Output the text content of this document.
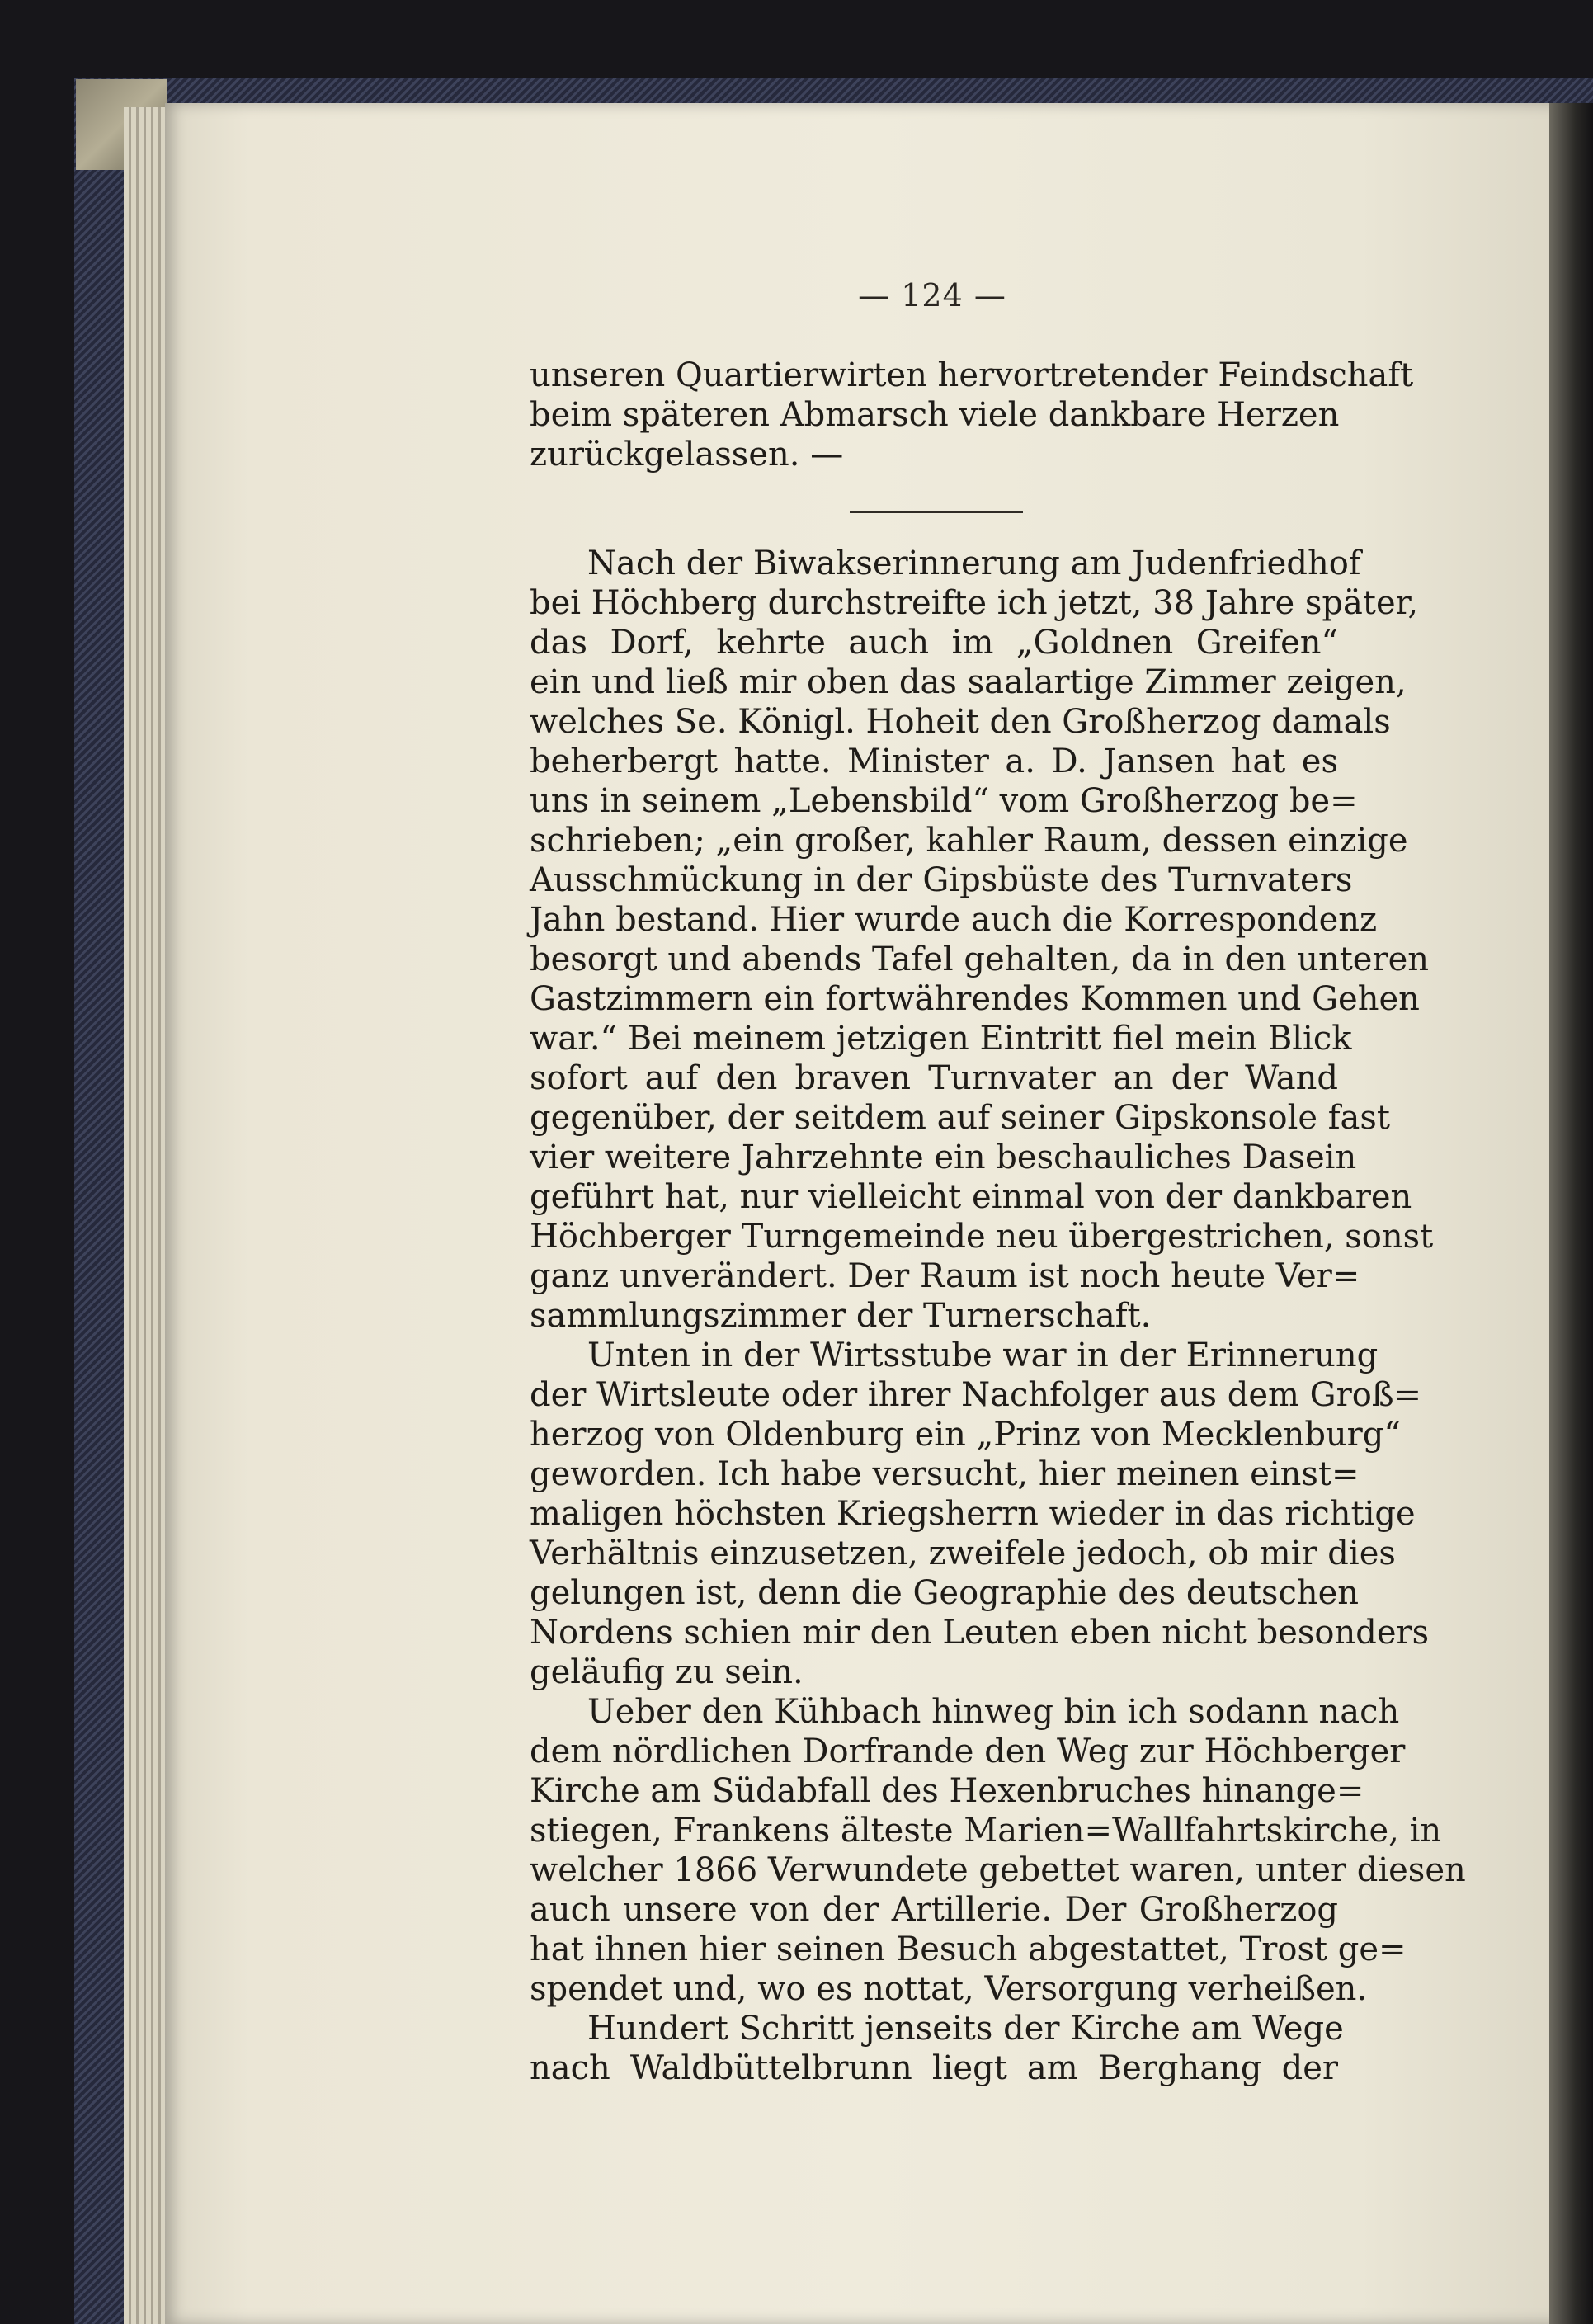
— 124 —
unseren Quartierwirten hervortretender Feindschaft
beim späteren Abmarsch viele dankbare Herzen
zurückgelassen. —
Nach der Biwakserinnerung am Judenfriedhof
bei Höchberg durchstreifte ich jetzt, 38 Jahre später,
das Dorf, kehrte auch im „Goldnen Greifen“
ein und ließ mir oben das saalartige Zimmer zeigen,
welches Se. Königl. Hoheit den Großherzog damals
beherbergt hatte. Minister a. D. Jansen hat es
uns in seinem „Lebensbild“ vom Großherzog be=
schrieben; „ein großer, kahler Raum, dessen einzige
Ausschmückung in der Gipsbüste des Turnvaters
Jahn bestand. Hier wurde auch die Korrespondenz
besorgt und abends Tafel gehalten, da in den unteren
Gastzimmern ein fortwährendes Kommen und Gehen
war.“ Bei meinem jetzigen Eintritt fiel mein Blick
sofort auf den braven Turnvater an der Wand
gegenüber, der seitdem auf seiner Gipskonsole fast
vier weitere Jahrzehnte ein beschauliches Dasein
geführt hat, nur vielleicht einmal von der dankbaren
Höchberger Turngemeinde neu übergestrichen, sonst
ganz unverändert. Der Raum ist noch heute Ver=
sammlungszimmer der Turnerschaft.
Unten in der Wirtsstube war in der Erinnerung
der Wirtsleute oder ihrer Nachfolger aus dem Groß=
herzog von Oldenburg ein „Prinz von Mecklenburg“
geworden. Ich habe versucht, hier meinen einst=
maligen höchsten Kriegsherrn wieder in das richtige
Verhältnis einzusetzen, zweifele jedoch, ob mir dies
gelungen ist, denn die Geographie des deutschen
Nordens schien mir den Leuten eben nicht besonders
geläufig zu sein.
Ueber den Kühbach hinweg bin ich sodann nach
dem nördlichen Dorfrande den Weg zur Höchberger
Kirche am Südabfall des Hexenbruches hinange=
stiegen, Frankens älteste Marien=Wallfahrtskirche, in
welcher 1866 Verwundete gebettet waren, unter diesen
auch unsere von der Artillerie. Der Großherzog
hat ihnen hier seinen Besuch abgestattet, Trost ge=
spendet und, wo es nottat, Versorgung verheißen.
Hundert Schritt jenseits der Kirche am Wege
nach Waldbüttelbrunn liegt am Berghang der
